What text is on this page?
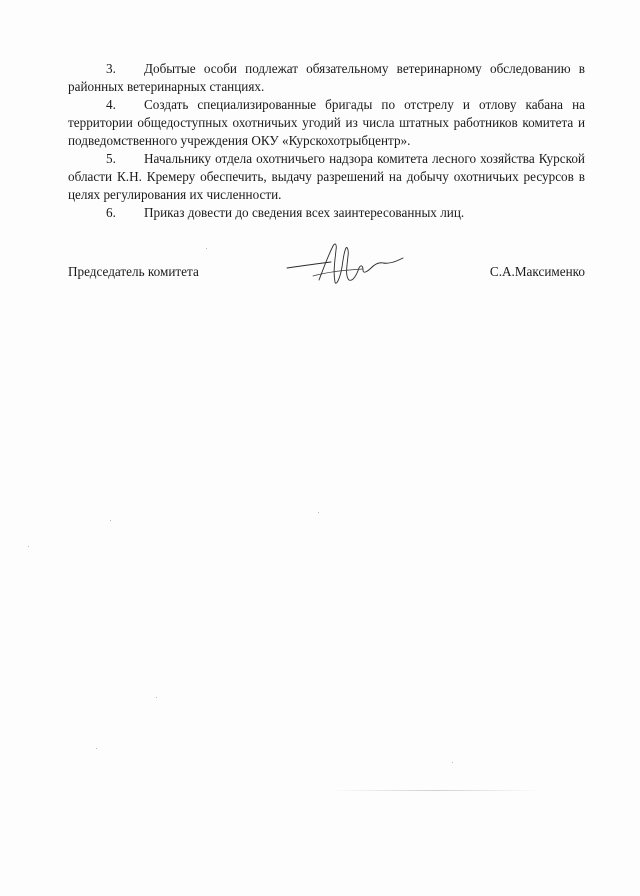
3. Добытые особи подлежат обязательному ветеринарному обследованию в районных ветеринарных станциях.

4. Создать специализированные бригады по отстрелу и отлову кабана на территории общедоступных охотничьих угодий из числа штатных работников комитета и подведомственного учреждения ОКУ «Курскохотрыбцентр».

5. Начальнику отдела охотничьего надзора комитета лесного хозяйства Курской области К.Н. Кремеру обеспечить, выдачу разрешений на добычу охотничьих ресурсов в целях регулирования их численности.

6. Приказ довести до сведения всех заинтересованных лиц.

Председатель комитета	С.А.Максименко
